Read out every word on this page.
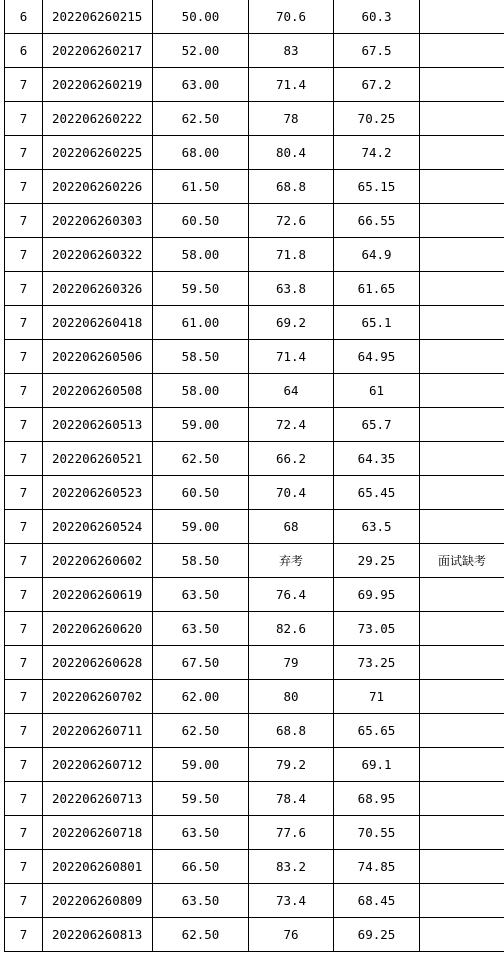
6	202206260215	50.00	70.6	60.3	
6	202206260217	52.00	83	67.5	
7	202206260219	63.00	71.4	67.2	
7	202206260222	62.50	78	70.25	
7	202206260225	68.00	80.4	74.2	
7	202206260226	61.50	68.8	65.15	
7	202206260303	60.50	72.6	66.55	
7	202206260322	58.00	71.8	64.9	
7	202206260326	59.50	63.8	61.65	
7	202206260418	61.00	69.2	65.1	
7	202206260506	58.50	71.4	64.95	
7	202206260508	58.00	64	61	
7	202206260513	59.00	72.4	65.7	
7	202206260521	62.50	66.2	64.35	
7	202206260523	60.50	70.4	65.45	
7	202206260524	59.00	68	63.5	
7	202206260602	58.50	弃考	29.25	面试缺考
7	202206260619	63.50	76.4	69.95	
7	202206260620	63.50	82.6	73.05	
7	202206260628	67.50	79	73.25	
7	202206260702	62.00	80	71	
7	202206260711	62.50	68.8	65.65	
7	202206260712	59.00	79.2	69.1	
7	202206260713	59.50	78.4	68.95	
7	202206260718	63.50	77.6	70.55	
7	202206260801	66.50	83.2	74.85	
7	202206260809	63.50	73.4	68.45	
7	202206260813	62.50	76	69.25	
